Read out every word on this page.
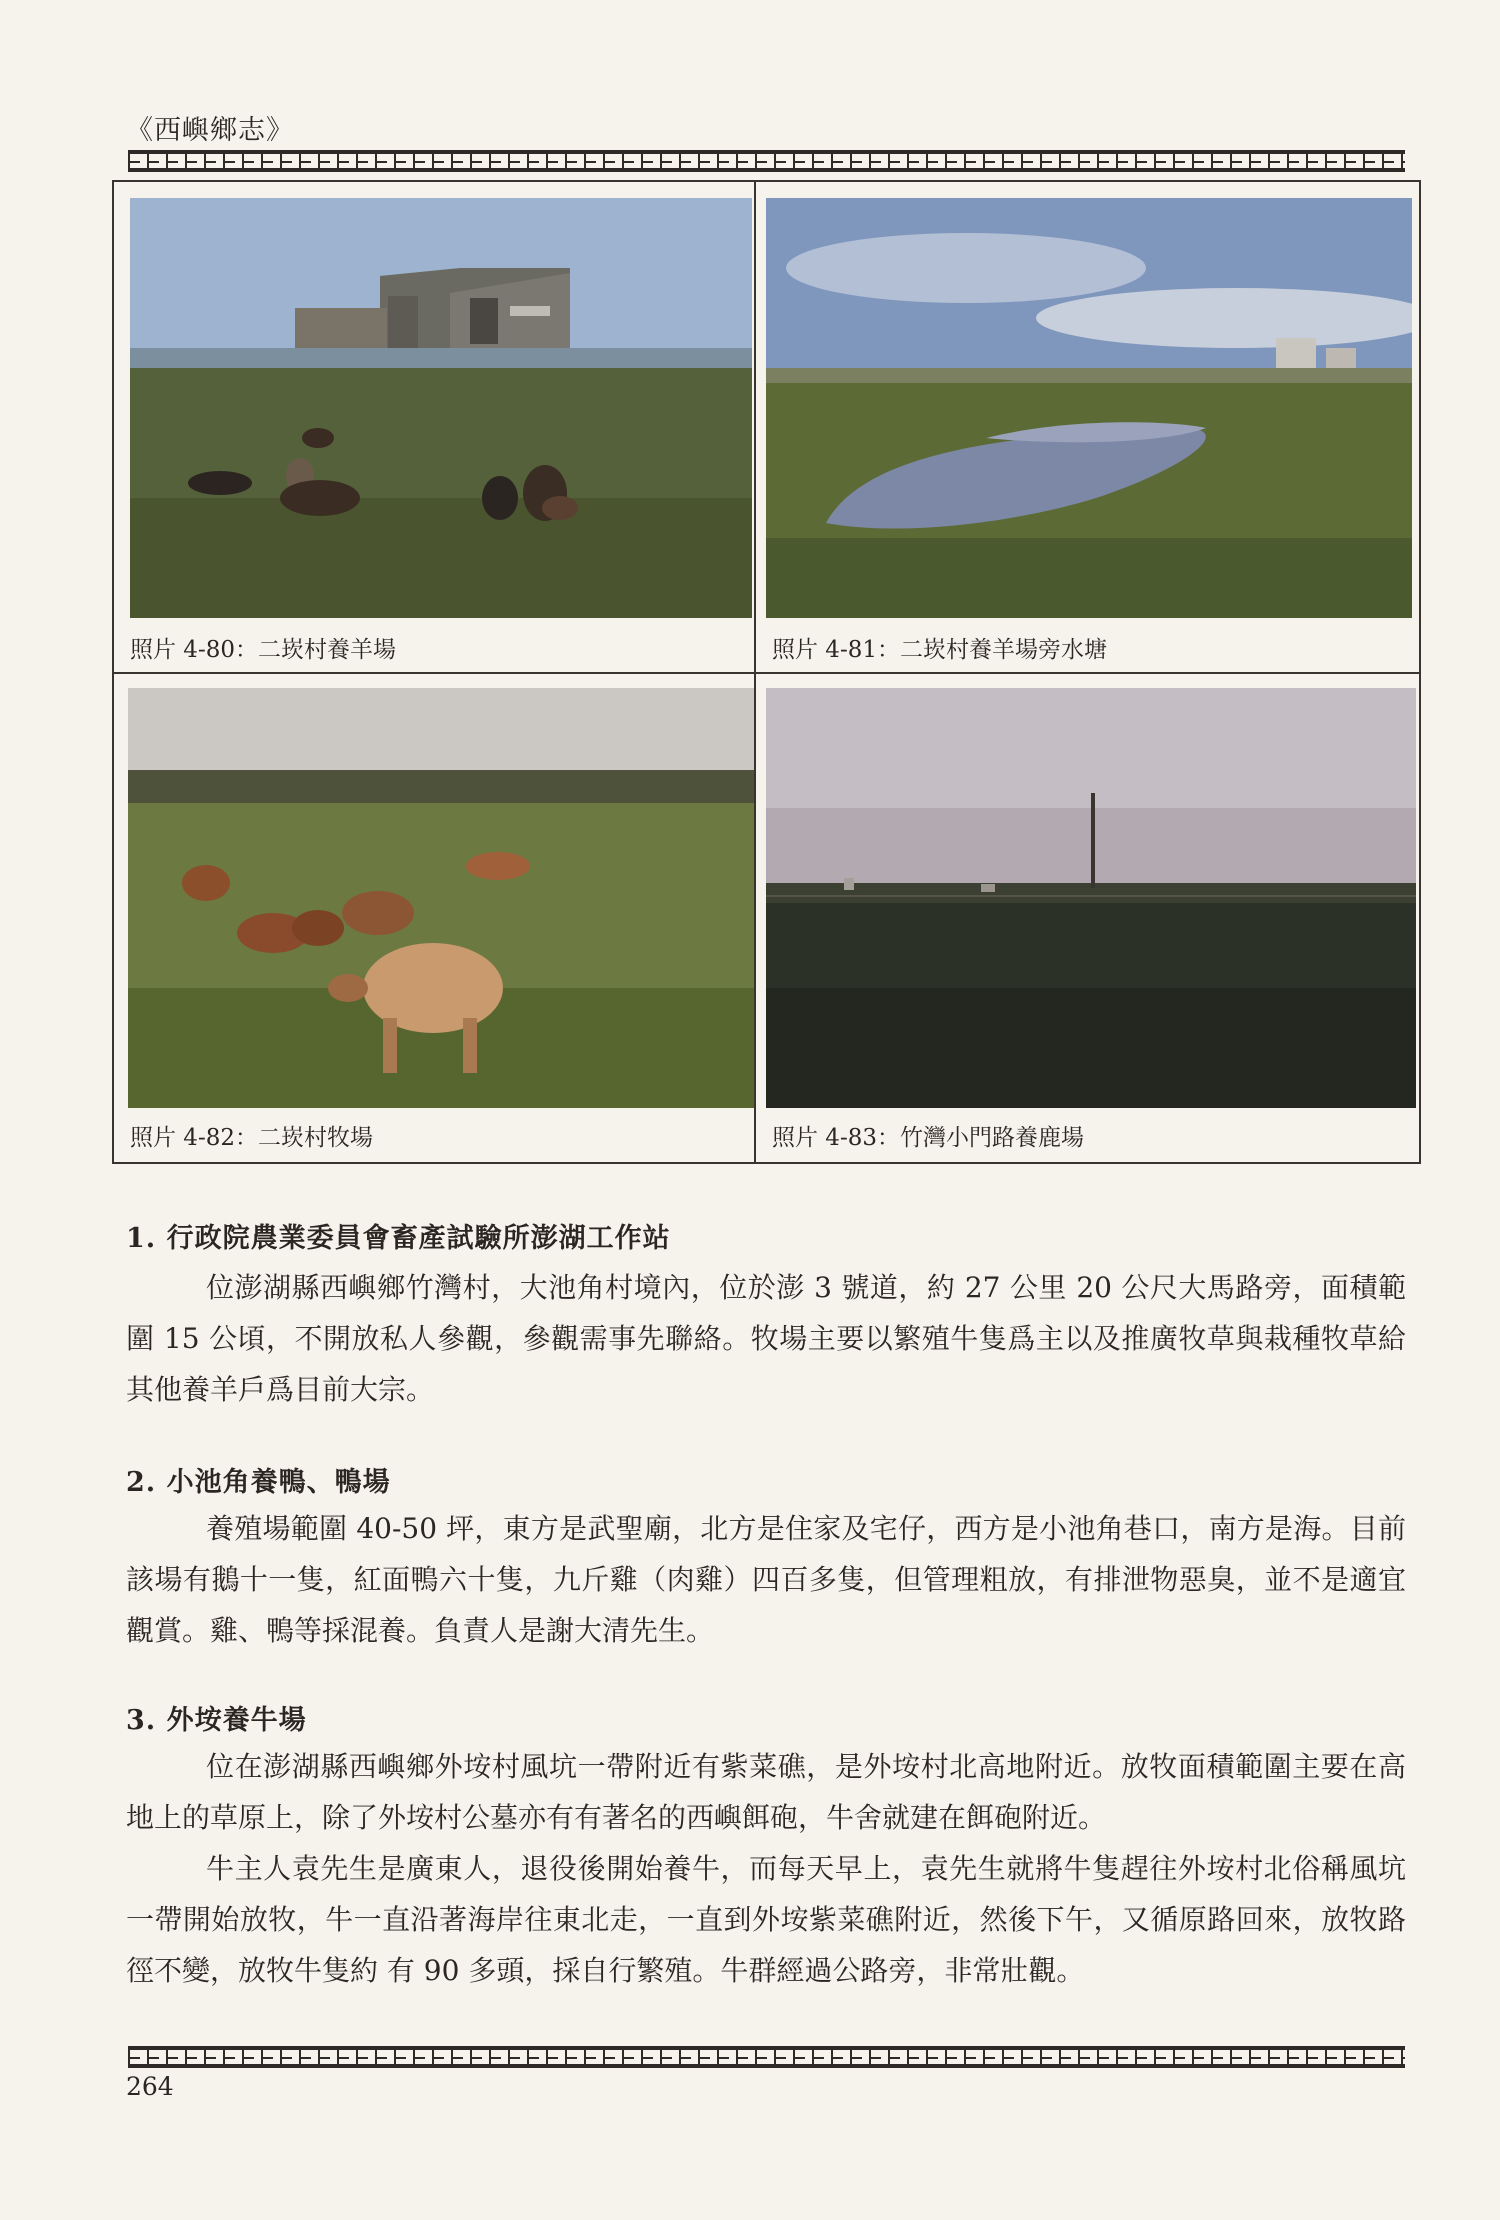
《西嶼鄉志》
照片 4-80：二崁村養羊場	照片 4-81：二崁村養羊場旁水塘
照片 4-82：二崁村牧場	照片 4-83：竹灣小門路養鹿場
1. 行政院農業委員會畜產試驗所澎湖工作站

位澎湖縣西嶼鄉竹灣村，大池角村境內，位於澎 3 號道，約 27 公里 20 公尺大馬路旁，面積範圍 15 公頃，不開放私人參觀，參觀需事先聯絡。牧場主要以繁殖牛隻爲主以及推廣牧草與栽種牧草給其他養羊戶爲目前大宗。

2. 小池角養鴨、鴨場

養殖場範圍 40-50 坪，東方是武聖廟，北方是住家及宅仔，西方是小池角巷口，南方是海。目前該場有鵝十一隻，紅面鴨六十隻，九斤雞（肉雞）四百多隻，但管理粗放，有排泄物惡臭，並不是適宜觀賞。雞、鴨等採混養。負責人是謝大清先生。

3. 外垵養牛場

位在澎湖縣西嶼鄉外垵村風坑一帶附近有紫菜礁，是外垵村北高地附近。放牧面積範圍主要在高地上的草原上，除了外垵村公墓亦有有著名的西嶼餌砲，牛舍就建在餌砲附近。

牛主人袁先生是廣東人，退役後開始養牛，而每天早上，袁先生就將牛隻趕往外垵村北俗稱風坑一帶開始放牧，牛一直沿著海岸往東北走，一直到外垵紫菜礁附近，然後下午，又循原路回來，放牧路徑不變，放牧牛隻約 有 90 多頭，採自行繁殖。牛群經過公路旁，非常壯觀。

264
